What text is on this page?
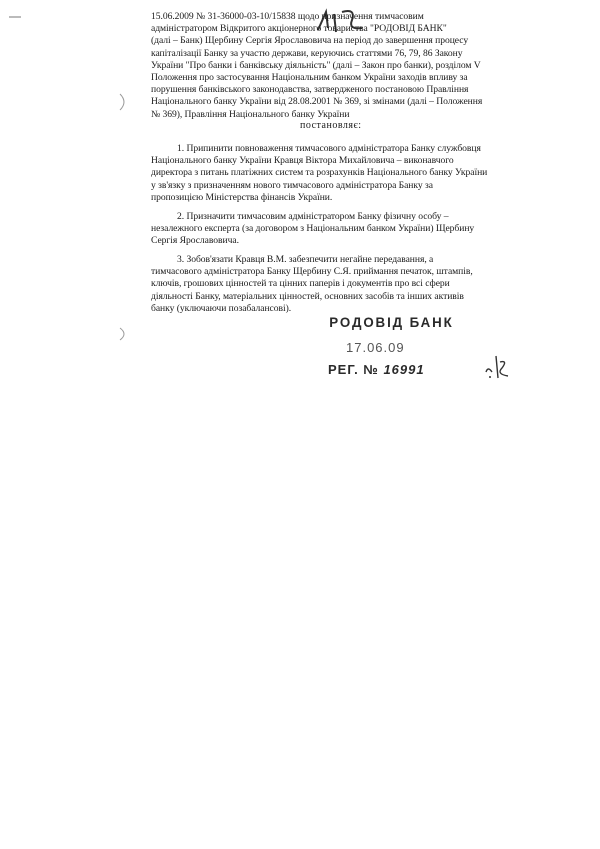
15.06.2009 № 31-36000-03-10/15838 щодо призначення тимчасовим
адміністратором Відкритого акціонерного товариства "РОДОВІД БАНК"
(далі – Банк) Щербину Сергія Ярославовича на період до завершення процесу
капіталізації Банку за участю держави, керуючись статтями 76, 79, 86 Закону
України "Про банки і банківську діяльність" (далі – Закон про банки), розділом V
Положення про застосування Національним банком України заходів впливу за
порушення банківського законодавства, затвердженого постановою Правління
Національного банку України від 28.08.2001 № 369, зі змінами (далі – Положення
№ 369), Правління Національного банку України
постановляє:
1. Припинити повноваження тимчасового адміністратора Банку службовця
Національного банку України Кравця Віктора Михайловича – виконавчого
директора з питань платіжних систем та розрахунків Національного банку України
у зв'язку з призначенням нового тимчасового адміністратора Банку за
пропозицією Міністерства фінансів України.
2. Призначити тимчасовим адміністратором Банку фізичну особу –
незалежного експерта (за договором з Національним банком України) Щербину
Сергія Ярославовича.
3. Зобов'язати Кравця В.М. забезпечити негайне передавання, а
тимчасового адміністратора Банку Щербину С.Я. приймання печаток, штампів,
ключів, грошових цінностей та цінних паперів і документів про всі сфери
діяльності Банку, матеріальних цінностей, основних засобів та інших активів
банку (уключаючи позабалансові).
РОДОВІД БАНК
17.06.09
РЕГ. № 16991
